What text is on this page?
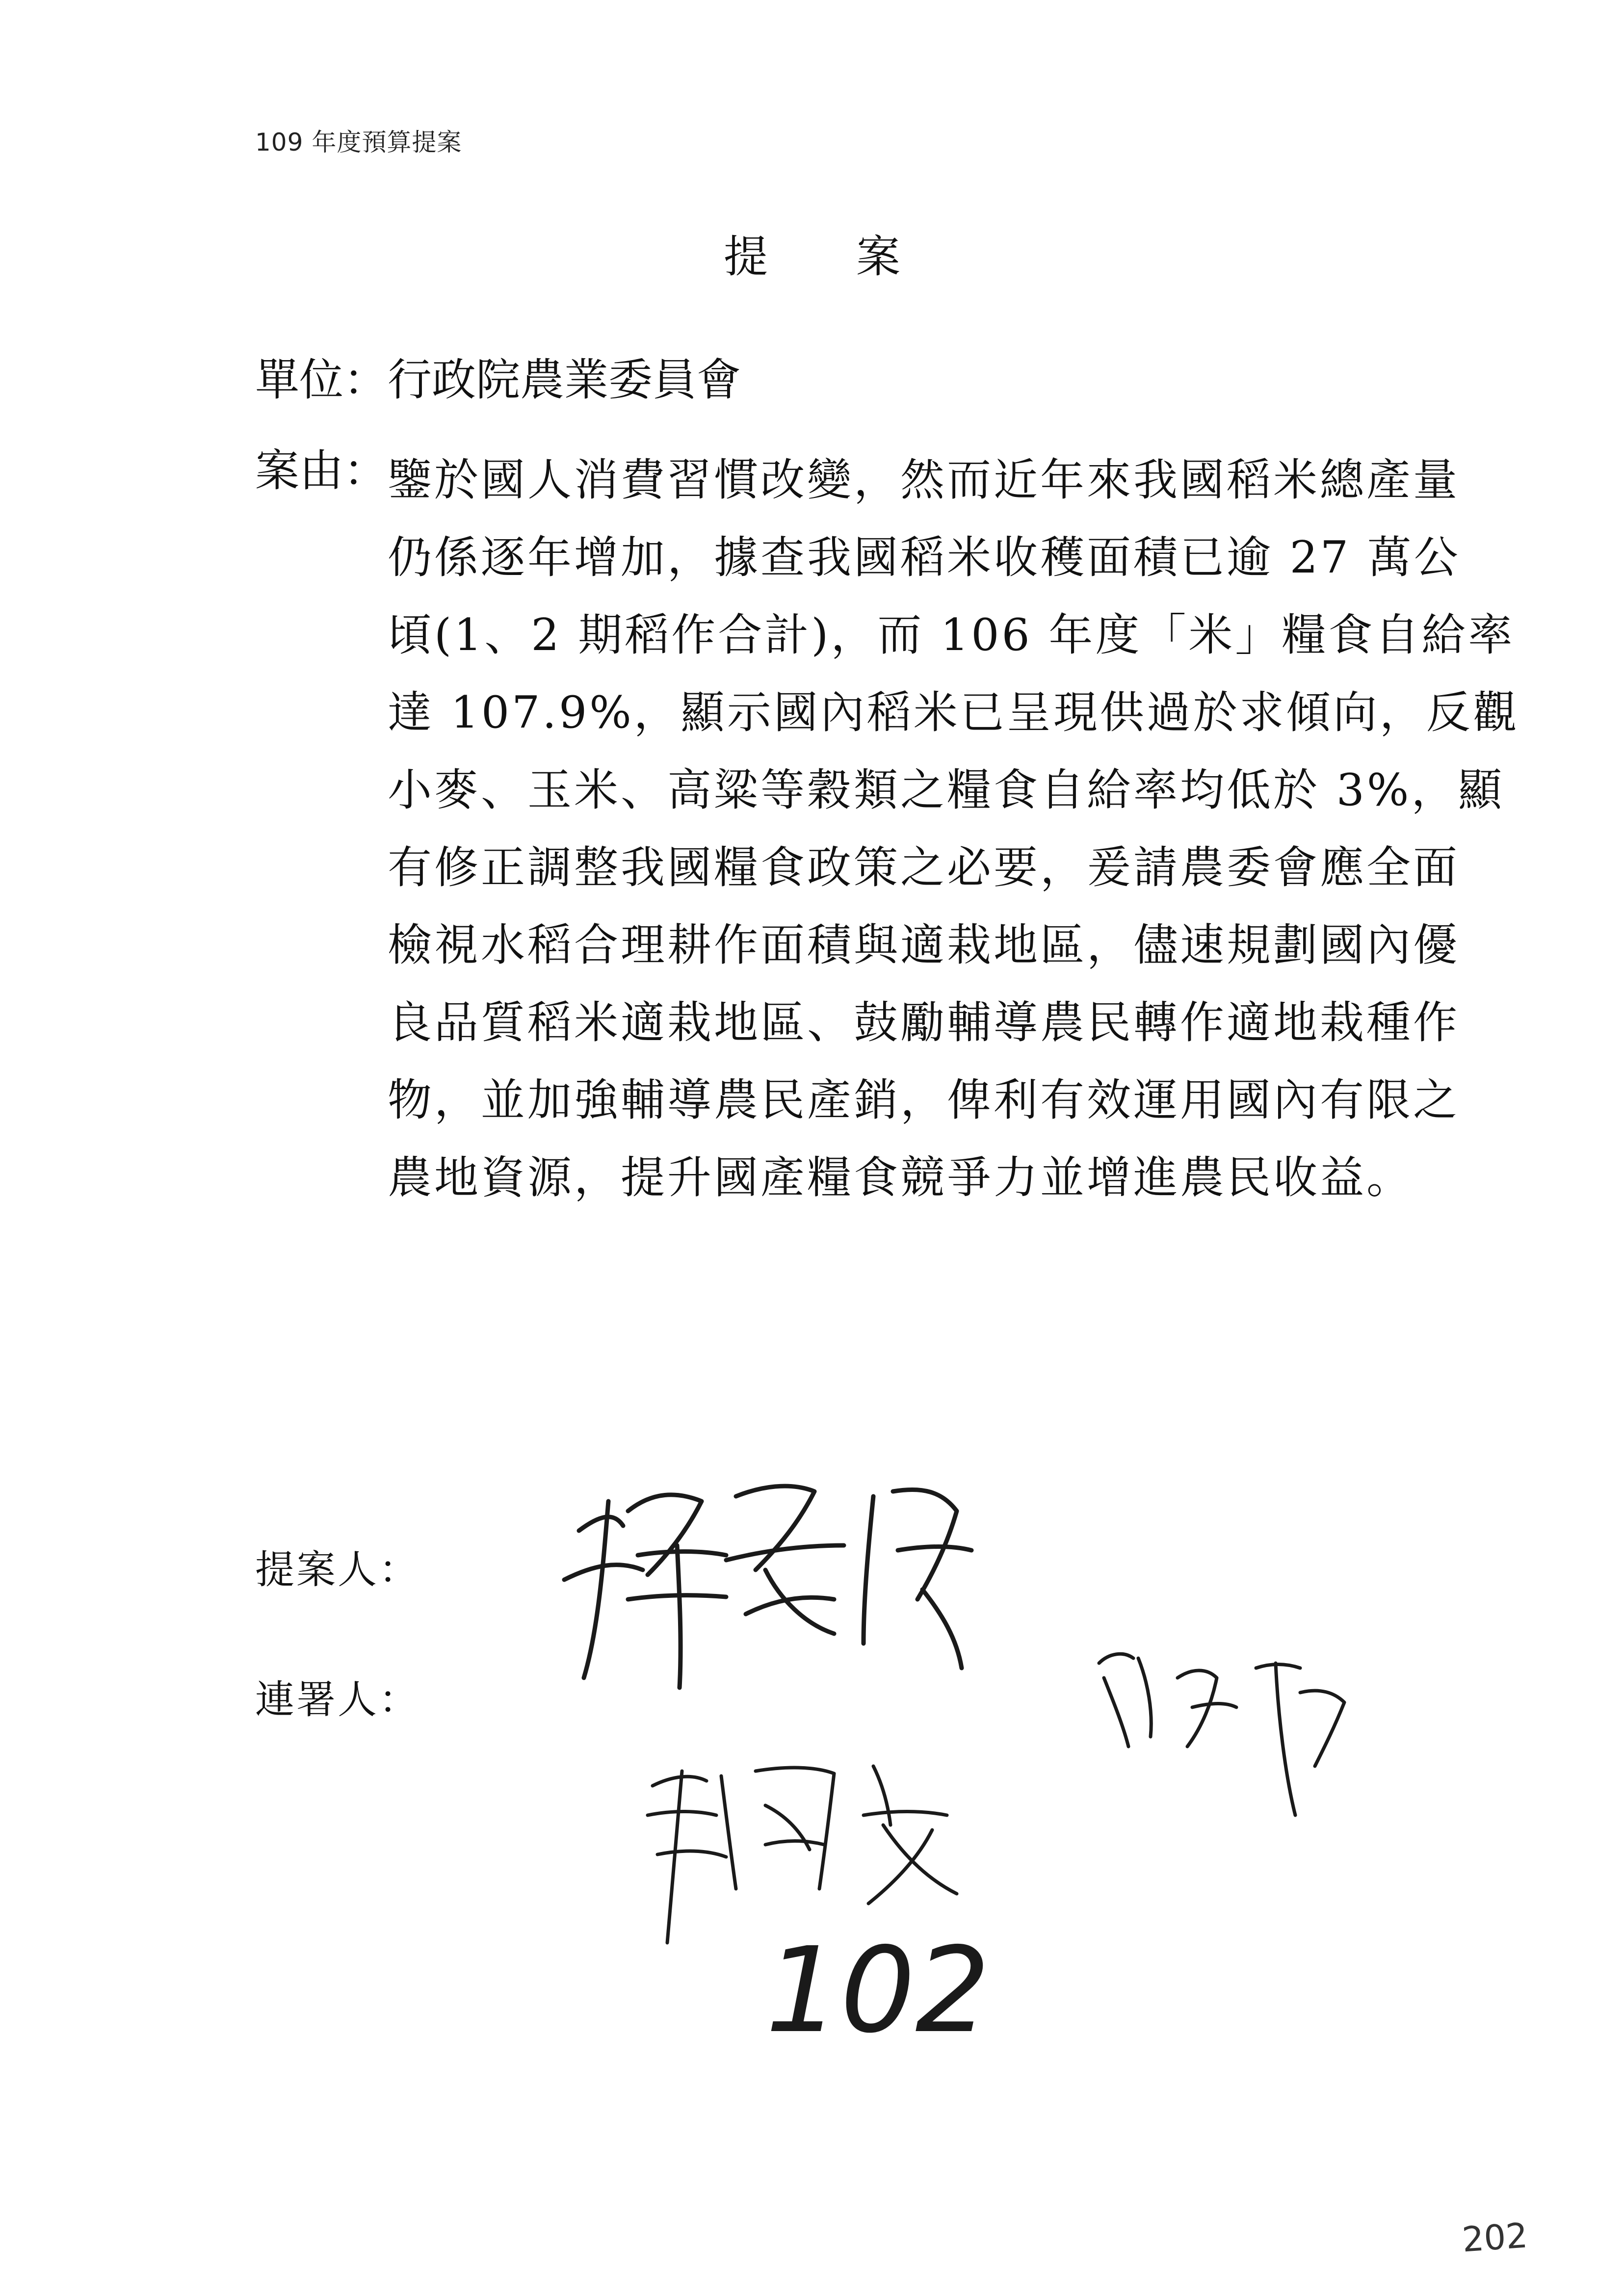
109 年度預算提案
提案
單位：行政院農業委員會
案由： 鑒於國人消費習慣改變，然而近年來我國稻米總產量
仍係逐年增加，據查我國稻米收穫面積已逾 27 萬公
頃(1、2 期稻作合計)，而 106 年度「米」糧食自給率
達 107.9%，顯示國內稻米已呈現供過於求傾向，反觀
小麥、玉米、高粱等穀類之糧食自給率均低於 3%，顯
有修正調整我國糧食政策之必要，爰請農委會應全面
檢視水稻合理耕作面積與適栽地區，儘速規劃國內優
良品質稻米適栽地區、鼓勵輔導農民轉作適地栽種作
物，並加強輔導農民產銷，俾利有效運用國內有限之
農地資源，提升國產糧食競爭力並增進農民收益。
提案人：
連署人：
102
202
